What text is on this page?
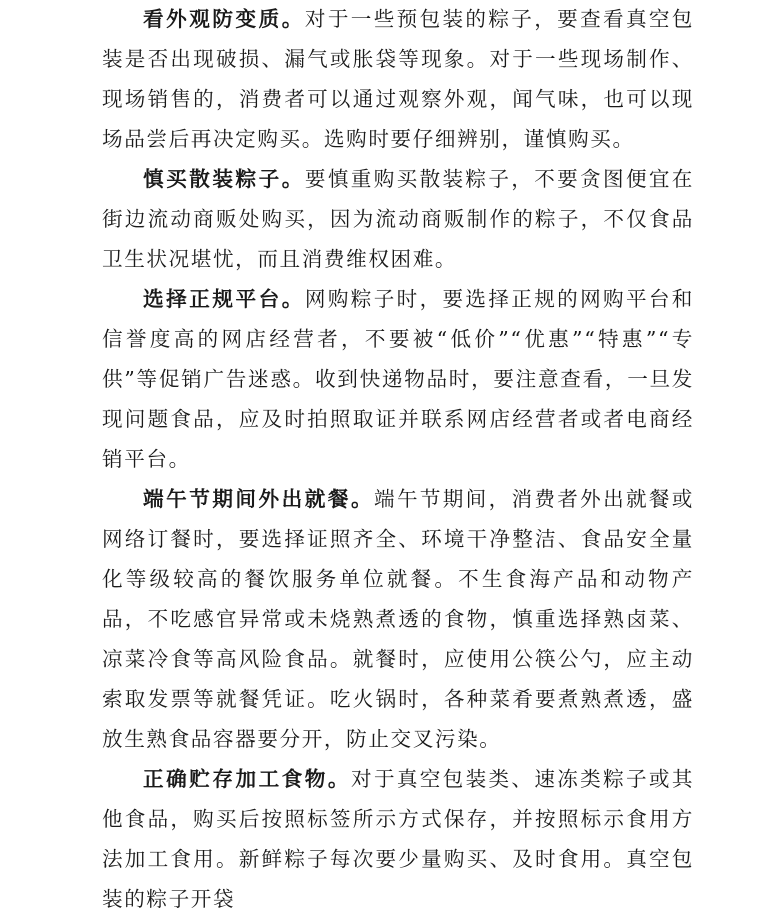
看外观防变质。对于一些预包装的粽子，要查看真空包装是否出现破损、漏气或胀袋等现象。对于一些现场制作、现场销售的，消费者可以通过观察外观，闻气味，也可以现场品尝后再决定购买。选购时要仔细辨别，谨慎购买。

慎买散装粽子。要慎重购买散装粽子，不要贪图便宜在街边流动商贩处购买，因为流动商贩制作的粽子，不仅食品卫生状况堪忧，而且消费维权困难。

选择正规平台。网购粽子时，要选择正规的网购平台和信誉度高的网店经营者，不要被“低价”“优惠”“特惠”“专供”等促销广告迷惑。收到快递物品时，要注意查看，一旦发现问题食品，应及时拍照取证并联系网店经营者或者电商经销平台。

端午节期间外出就餐。端午节期间，消费者外出就餐或网络订餐时，要选择证照齐全、环境干净整洁、食品安全量化等级较高的餐饮服务单位就餐。不生食海产品和动物产品，不吃感官异常或未烧熟煮透的食物，慎重选择熟卤菜、凉菜冷食等高风险食品。就餐时，应使用公筷公勺，应主动索取发票等就餐凭证。吃火锅时，各种菜肴要煮熟煮透，盛放生熟食品容器要分开，防止交叉污染。

正确贮存加工食物。对于真空包装类、速冻类粽子或其他食品，购买后按照标签所示方式保存，并按照标示食用方法加工食用。新鲜粽子每次要少量购买、及时食用。真空包装的粽子开袋
